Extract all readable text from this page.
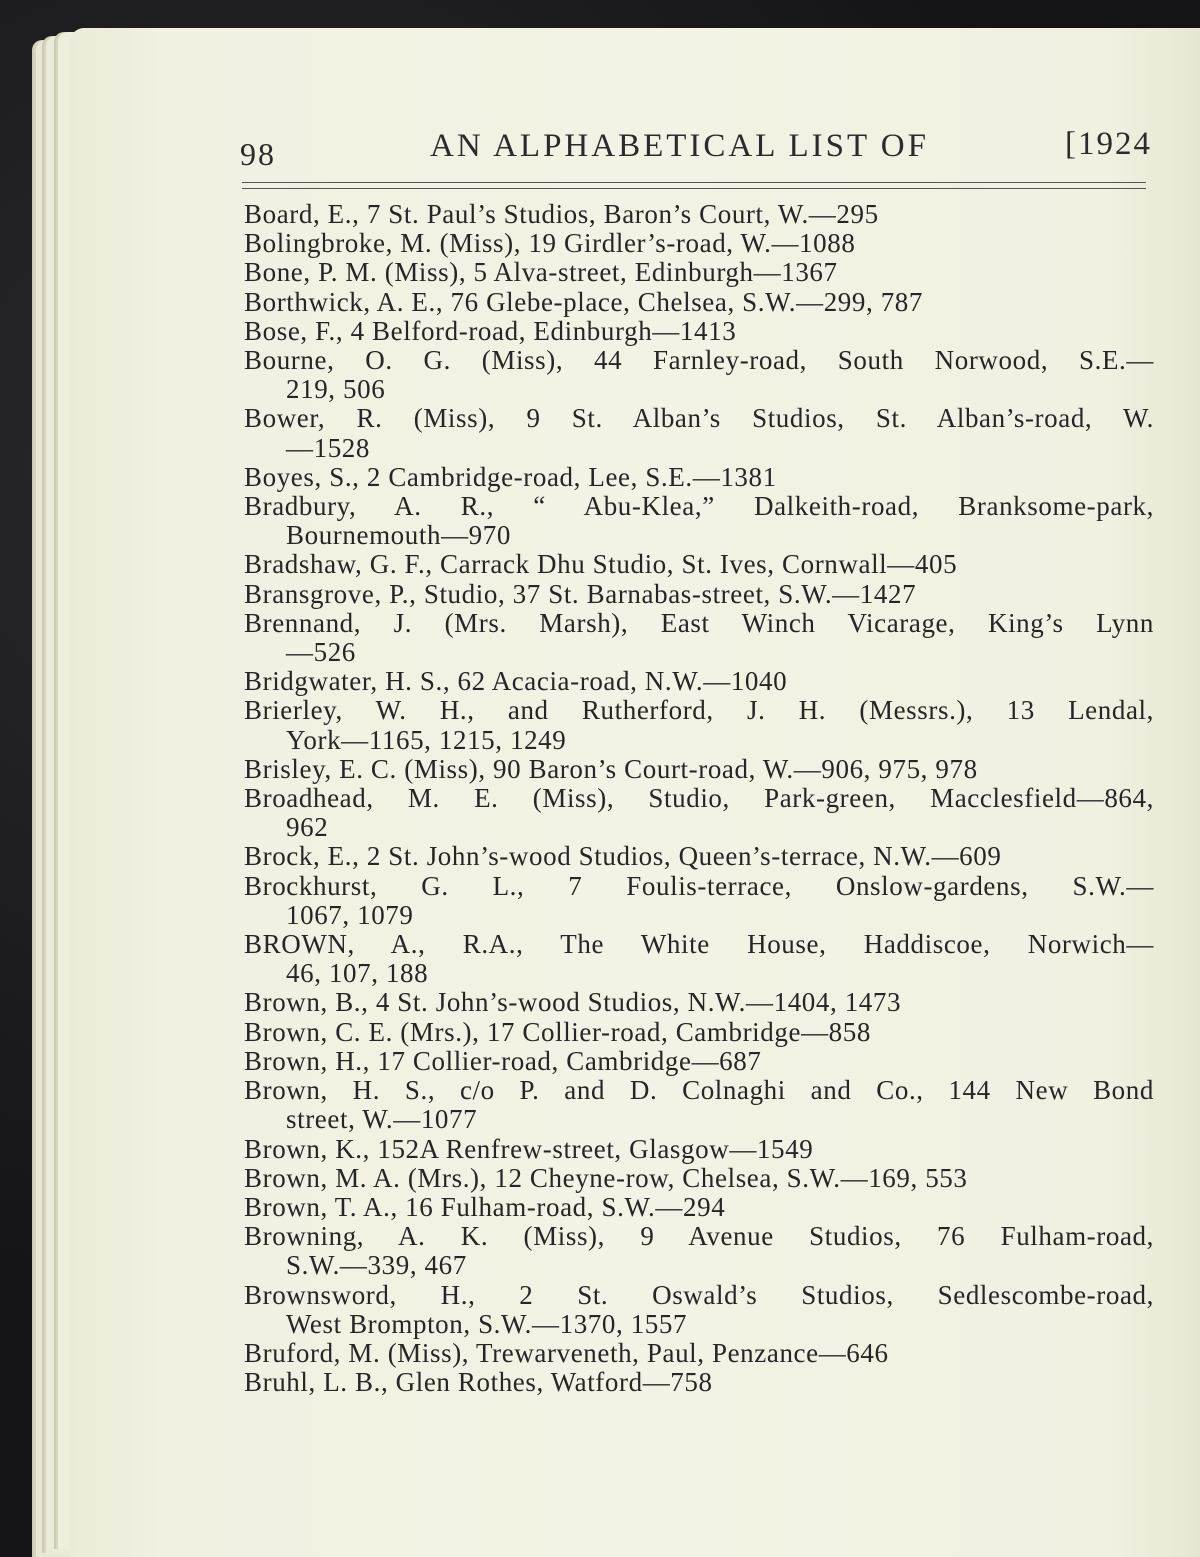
98	AN ALPHABETICAL LIST OF	[1924
Board, E., 7 St. Paul’s Studios, Baron’s Court, W.—295
Bolingbroke, M. (Miss), 19 Girdler’s-road, W.—1088
Bone, P. M. (Miss), 5 Alva-street, Edinburgh—1367
Borthwick, A. E., 76 Glebe-place, Chelsea, S.W.—299, 787
Bose, F., 4 Belford-road, Edinburgh—1413
Bourne, O. G. (Miss), 44 Farnley-road, South Norwood, S.E.—
219, 506
Bower, R. (Miss), 9 St. Alban’s Studios, St. Alban’s-road, W.
—1528
Boyes, S., 2 Cambridge-road, Lee, S.E.—1381
Bradbury, A. R., “ Abu-Klea,” Dalkeith-road, Branksome-park,
Bournemouth—970
Bradshaw, G. F., Carrack Dhu Studio, St. Ives, Cornwall—405
Bransgrove, P., Studio, 37 St. Barnabas-street, S.W.—1427
Brennand, J. (Mrs. Marsh), East Winch Vicarage, King’s Lynn
—526
Bridgwater, H. S., 62 Acacia-road, N.W.—1040
Brierley, W. H., and Rutherford, J. H. (Messrs.), 13 Lendal,
York—1165, 1215, 1249
Brisley, E. C. (Miss), 90 Baron’s Court-road, W.—906, 975, 978
Broadhead, M. E. (Miss), Studio, Park-green, Macclesfield—864,
962
Brock, E., 2 St. John’s-wood Studios, Queen’s-terrace, N.W.—609
Brockhurst, G. L., 7 Foulis-terrace, Onslow-gardens, S.W.—
1067, 1079
BROWN, A., R.A., The White House, Haddiscoe, Norwich—
46, 107, 188
Brown, B., 4 St. John’s-wood Studios, N.W.—1404, 1473
Brown, C. E. (Mrs.), 17 Collier-road, Cambridge—858
Brown, H., 17 Collier-road, Cambridge—687
Brown, H. S., c/o P. and D. Colnaghi and Co., 144 New Bond
street, W.—1077
Brown, K., 152A Renfrew-street, Glasgow—1549
Brown, M. A. (Mrs.), 12 Cheyne-row, Chelsea, S.W.—169, 553
Brown, T. A., 16 Fulham-road, S.W.—294
Browning, A. K. (Miss), 9 Avenue Studios, 76 Fulham-road,
S.W.—339, 467
Brownsword, H., 2 St. Oswald’s Studios, Sedlescombe-road,
West Brompton, S.W.—1370, 1557
Bruford, M. (Miss), Trewarveneth, Paul, Penzance—646
Bruhl, L. B., Glen Rothes, Watford—758
